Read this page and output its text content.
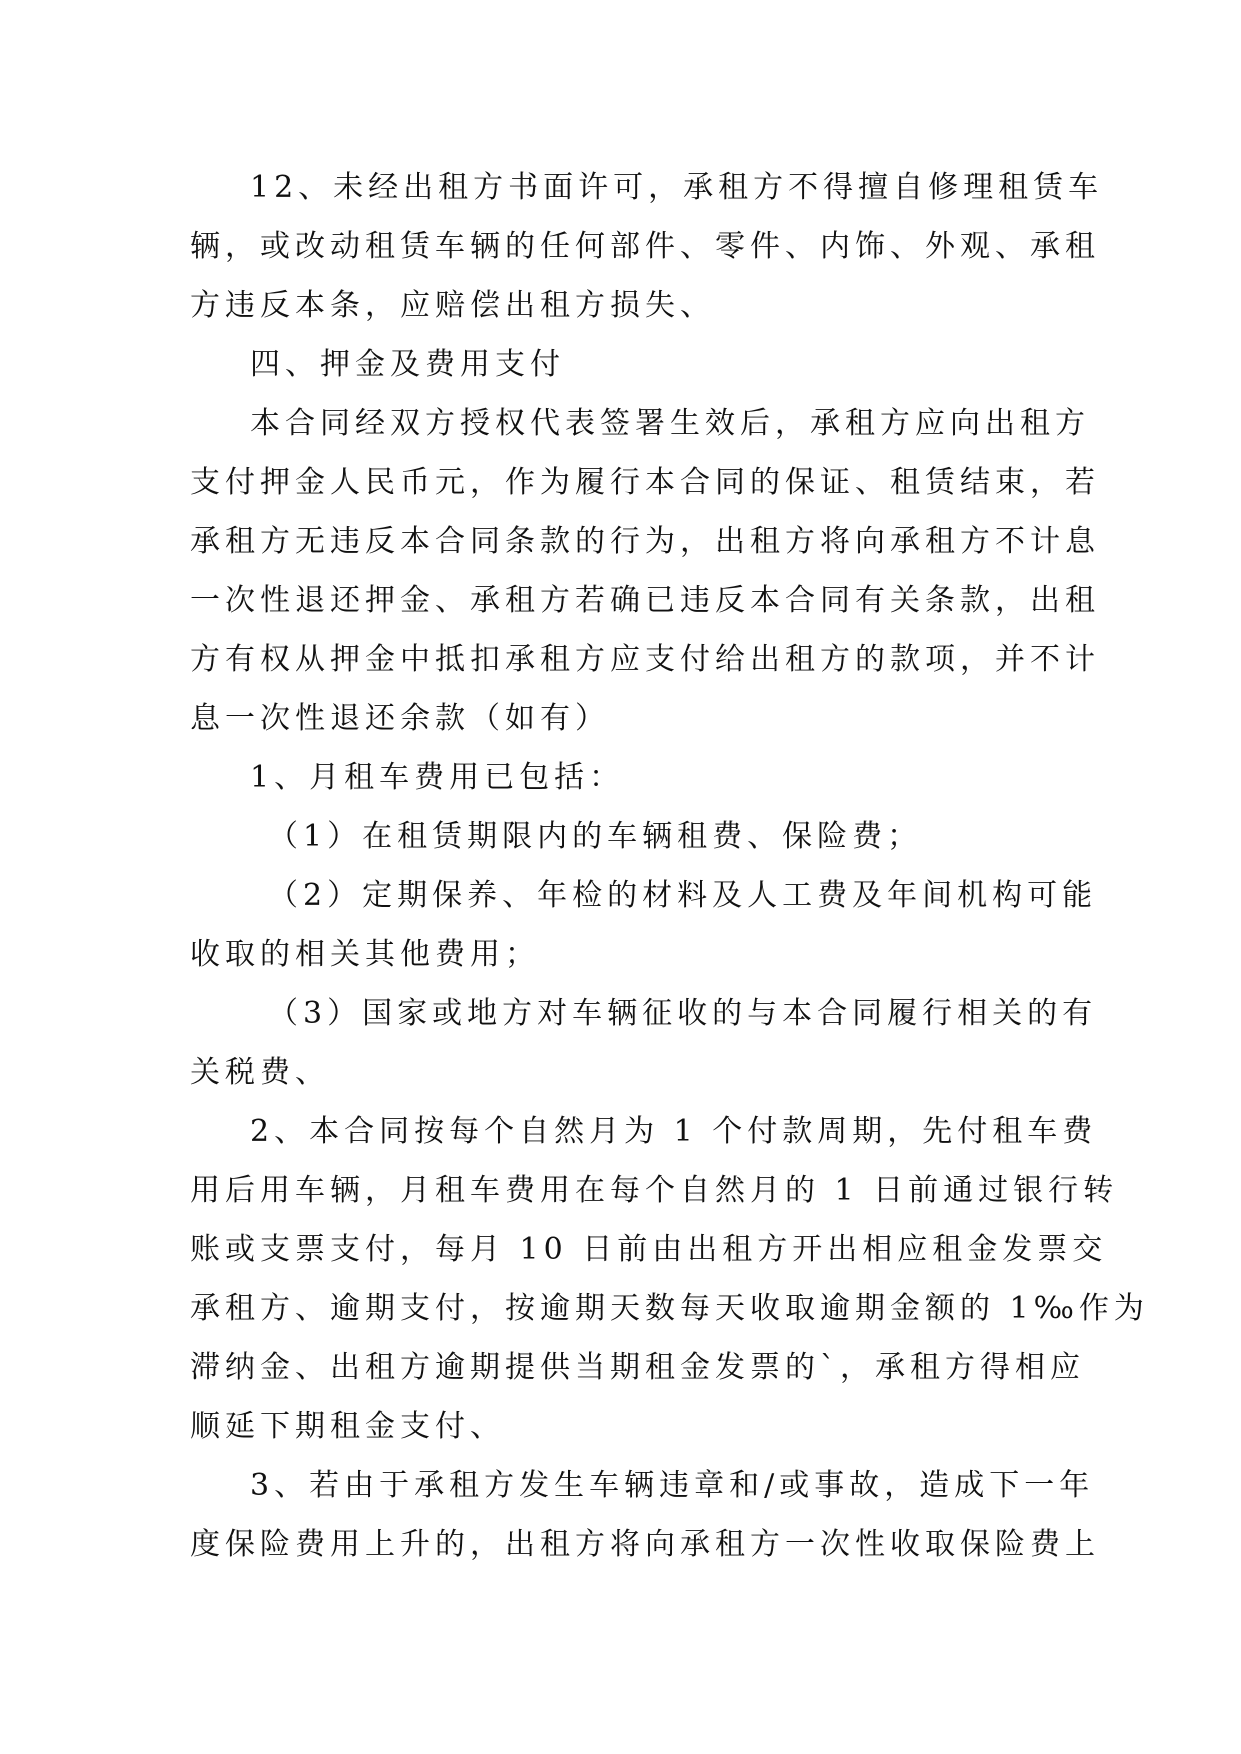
12、未经出租方书面许可，承租方不得擅自修理租赁车
辆，或改动租赁车辆的任何部件、零件、内饰、外观、承租
方违反本条，应赔偿出租方损失、
四、押金及费用支付
本合同经双方授权代表签署生效后，承租方应向出租方
支付押金人民币元，作为履行本合同的保证、租赁结束，若
承租方无违反本合同条款的行为，出租方将向承租方不计息
一次性退还押金、承租方若确已违反本合同有关条款，出租
方有权从押金中抵扣承租方应支付给出租方的款项，并不计
息一次性退还余款（如有）
1、月租车费用已包括：
（1）在租赁期限内的车辆租费、保险费；
（2）定期保养、年检的材料及人工费及年间机构可能
收取的相关其他费用；
（3）国家或地方对车辆征收的与本合同履行相关的有
关税费、
2、本合同按每个自然月为 1 个付款周期，先付租车费
用后用车辆，月租车费用在每个自然月的 1 日前通过银行转
账或支票支付，每月 10 日前由出租方开出相应租金发票交
承租方、逾期支付，按逾期天数每天收取逾期金额的 1‰作为
滞纳金、出租方逾期提供当期租金发票的`，承租方得相应
顺延下期租金支付、
3、若由于承租方发生车辆违章和/或事故，造成下一年
度保险费用上升的，出租方将向承租方一次性收取保险费上
